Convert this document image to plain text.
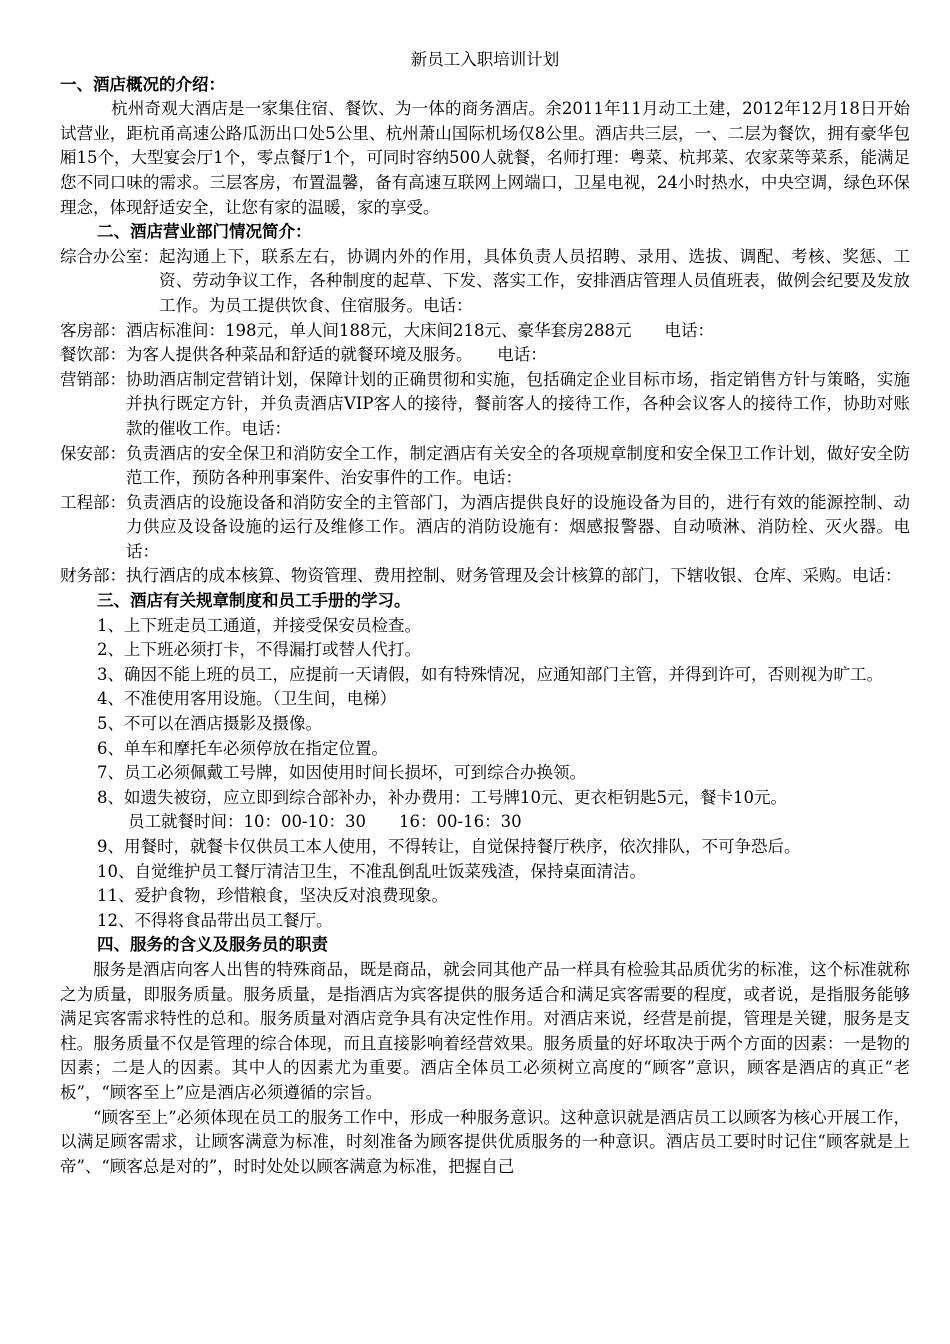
新员工入职培训计划

一、酒店概况的介绍：

杭州奇观大酒店是一家集住宿、餐饮、为一体的商务酒店。余2011年11月动工土建，2012年12月18日开始试营业，距杭甬高速公路瓜沥出口处5公里、杭州萧山国际机场仅8公里。酒店共三层，一、二层为餐饮，拥有豪华包厢15个，大型宴会厅1个，零点餐厅1个，可同时容纳500人就餐，名师打理：粤菜、杭邦菜、农家菜等菜系，能满足您不同口味的需求。三层客房，布置温馨，备有高速互联网上网端口，卫星电视，24小时热水，中央空调，绿色环保理念，体现舒适安全，让您有家的温暖，家的享受。

二、酒店营业部门情况简介：

综合办公室： 起沟通上下，联系左右，协调内外的作用，具体负责人员招聘、录用、选拔、调配、考核、奖惩、工资、劳动争议工作，各种制度的起草、下发、落实工作，安排酒店管理人员值班表，做例会纪要及发放工作。为员工提供饮食、住宿服务。电话：
客房部： 酒店标准间：198元，单人间188元，大床间218元、豪华套房288元　　电话：
餐饮部： 为客人提供各种菜品和舒适的就餐环境及服务。　　电话：
营销部： 协助酒店制定营销计划，保障计划的正确贯彻和实施，包括确定企业目标市场，指定销售方针与策略，实施并执行既定方针，并负责酒店VIP客人的接待，餐前客人的接待工作，各种会议客人的接待工作，协助对账款的催收工作。电话：
保安部： 负责酒店的安全保卫和消防安全工作，制定酒店有关安全的各项规章制度和安全保卫工作计划，做好安全防范工作，预防各种刑事案件、治安事件的工作。电话：
工程部： 负责酒店的设施设备和消防安全的主管部门，为酒店提供良好的设施设备为目的，进行有效的能源控制、动力供应及设备设施的运行及维修工作。酒店的消防设施有：烟感报警器、自动喷淋、消防栓、灭火器。电话：

财务部：执行酒店的成本核算、物资管理、费用控制、财务管理及会计核算的部门，下辖收银、仓库、采购。电话：

三、酒店有关规章制度和员工手册的学习。

1、上下班走员工通道，并接受保安员检查。

2、上下班必须打卡，不得漏打或替人代打。

3、确因不能上班的员工，应提前一天请假，如有特殊情况，应通知部门主管，并得到许可，否则视为旷工。

4、不准使用客用设施。（卫生间，电梯）

5、不可以在酒店摄影及摄像。

6、单车和摩托车必须停放在指定位置。

7、员工必须佩戴工号牌，如因使用时间长损坏，可到综合办换领。

8、如遗失被窃，应立即到综合部补办，补办费用：工号牌10元、更衣柜钥匙5元，餐卡10元。

员工就餐时间：10：00-10：30　　16：00-16：30

9、用餐时，就餐卡仅供员工本人使用，不得转让，自觉保持餐厅秩序，依次排队，不可争恐后。

10、自觉维护员工餐厅清洁卫生，不准乱倒乱吐饭菜残渣，保持桌面清洁。

11、爱护食物，珍惜粮食，坚决反对浪费现象。

12、不得将食品带出员工餐厅。

四、服务的含义及服务员的职责

服务是酒店向客人出售的特殊商品，既是商品，就会同其他产品一样具有检验其品质优劣的标准，这个标准就称之为质量，即服务质量。服务质量，是指酒店为宾客提供的服务适合和满足宾客需要的程度，或者说，是指服务能够满足宾客需求特性的总和。服务质量对酒店竞争具有决定性作用。对酒店来说，经营是前提，管理是关键，服务是支柱。服务质量不仅是管理的综合体现，而且直接影响着经营效果。服务质量的好坏取决于两个方面的因素：一是物的因素；二是人的因素。其中人的因素尤为重要。酒店全体员工必须树立高度的“顾客”意识，顾客是酒店的真正“老板”，“顾客至上”应是酒店必须遵循的宗旨。

“顾客至上”必须体现在员工的服务工作中，形成一种服务意识。这种意识就是酒店员工以顾客为核心开展工作，以满足顾客需求，让顾客满意为标准，时刻准备为顾客提供优质服务的一种意识。酒店员工要时时记住“顾客就是上帝”、“顾客总是对的”，时时处处以顾客满意为标准，把握自己
